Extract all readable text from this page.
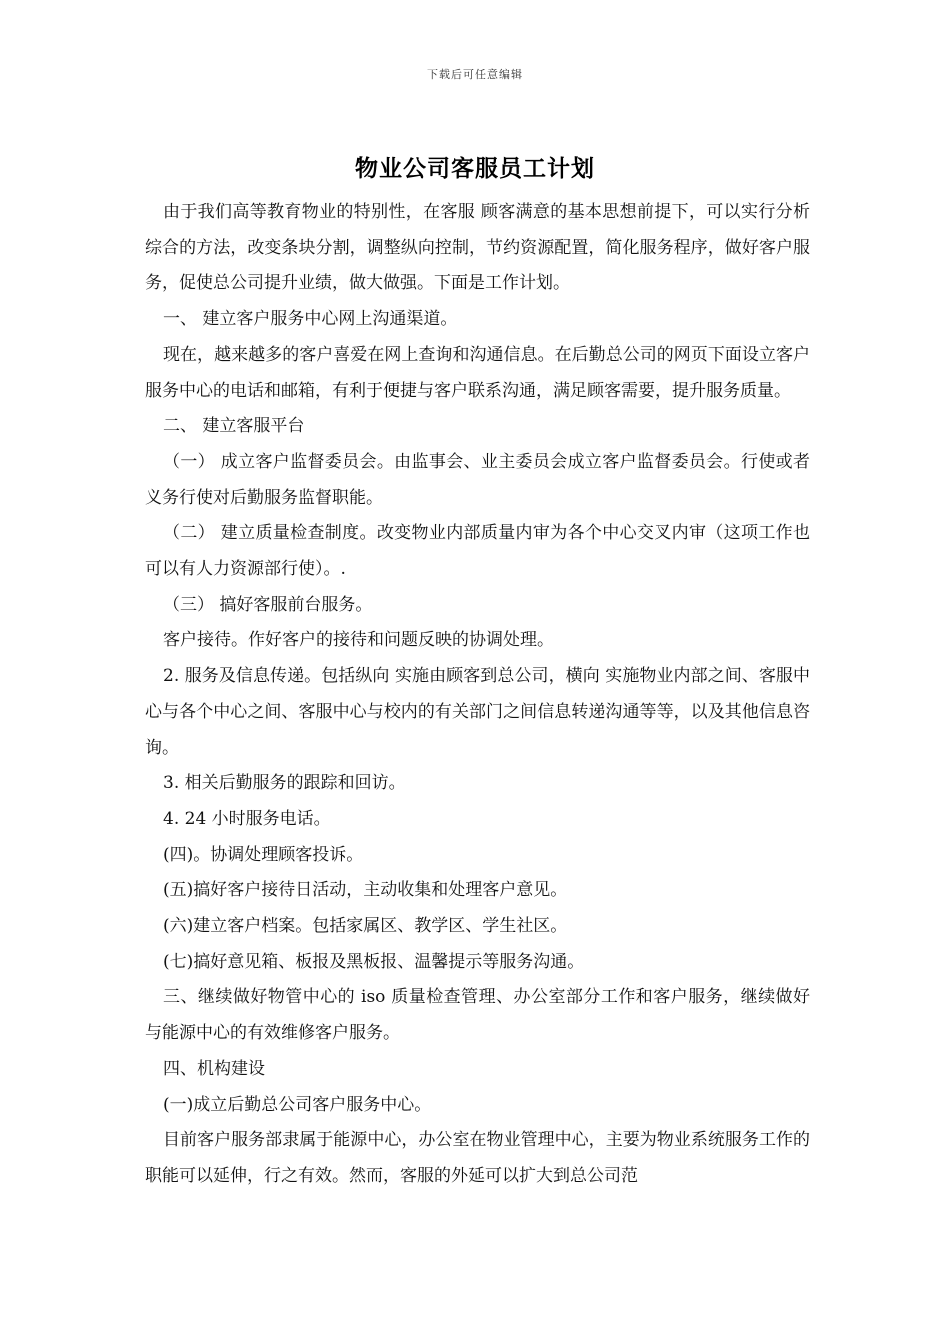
下载后可任意编辑
物业公司客服员工计划

由于我们高等教育物业的特别性，在客服 顾客满意的基本思想前提下，可以实行分析综合的方法，改变条块分割，调整纵向控制，节约资源配置，简化服务程序，做好客户服务，促使总公司提升业绩，做大做强。下面是工作计划。

一、 建立客户服务中心网上沟通渠道。

现在，越来越多的客户喜爱在网上查询和沟通信息。在后勤总公司的网页下面设立客户服务中心的电话和邮箱，有利于便捷与客户联系沟通，满足顾客需要，提升服务质量。

二、 建立客服平台

（一） 成立客户监督委员会。由监事会、业主委员会成立客户监督委员会。行使或者义务行使对后勤服务监督职能。

（二） 建立质量检查制度。改变物业内部质量内审为各个中心交叉内审（这项工作也可以有人力资源部行使）。.

（三） 搞好客服前台服务。

客户接待。作好客户的接待和问题反映的协调处理。

2. 服务及信息传递。包括纵向 实施由顾客到总公司，横向 实施物业内部之间、客服中心与各个中心之间、客服中心与校内的有关部门之间信息转递沟通等等，以及其他信息咨询。

3. 相关后勤服务的跟踪和回访。

4. 24 小时服务电话。

(四)。协调处理顾客投诉。

(五)搞好客户接待日活动，主动收集和处理客户意见。

(六)建立客户档案。包括家属区、教学区、学生社区。

(七)搞好意见箱、板报及黑板报、温馨提示等服务沟通。

三、继续做好物管中心的 iso 质量检查管理、办公室部分工作和客户服务，继续做好与能源中心的有效维修客户服务。

四、机构建设

(一)成立后勤总公司客户服务中心。

目前客户服务部隶属于能源中心，办公室在物业管理中心，主要为物业系统服务工作的职能可以延伸，行之有效。然而，客服的外延可以扩大到总公司范
